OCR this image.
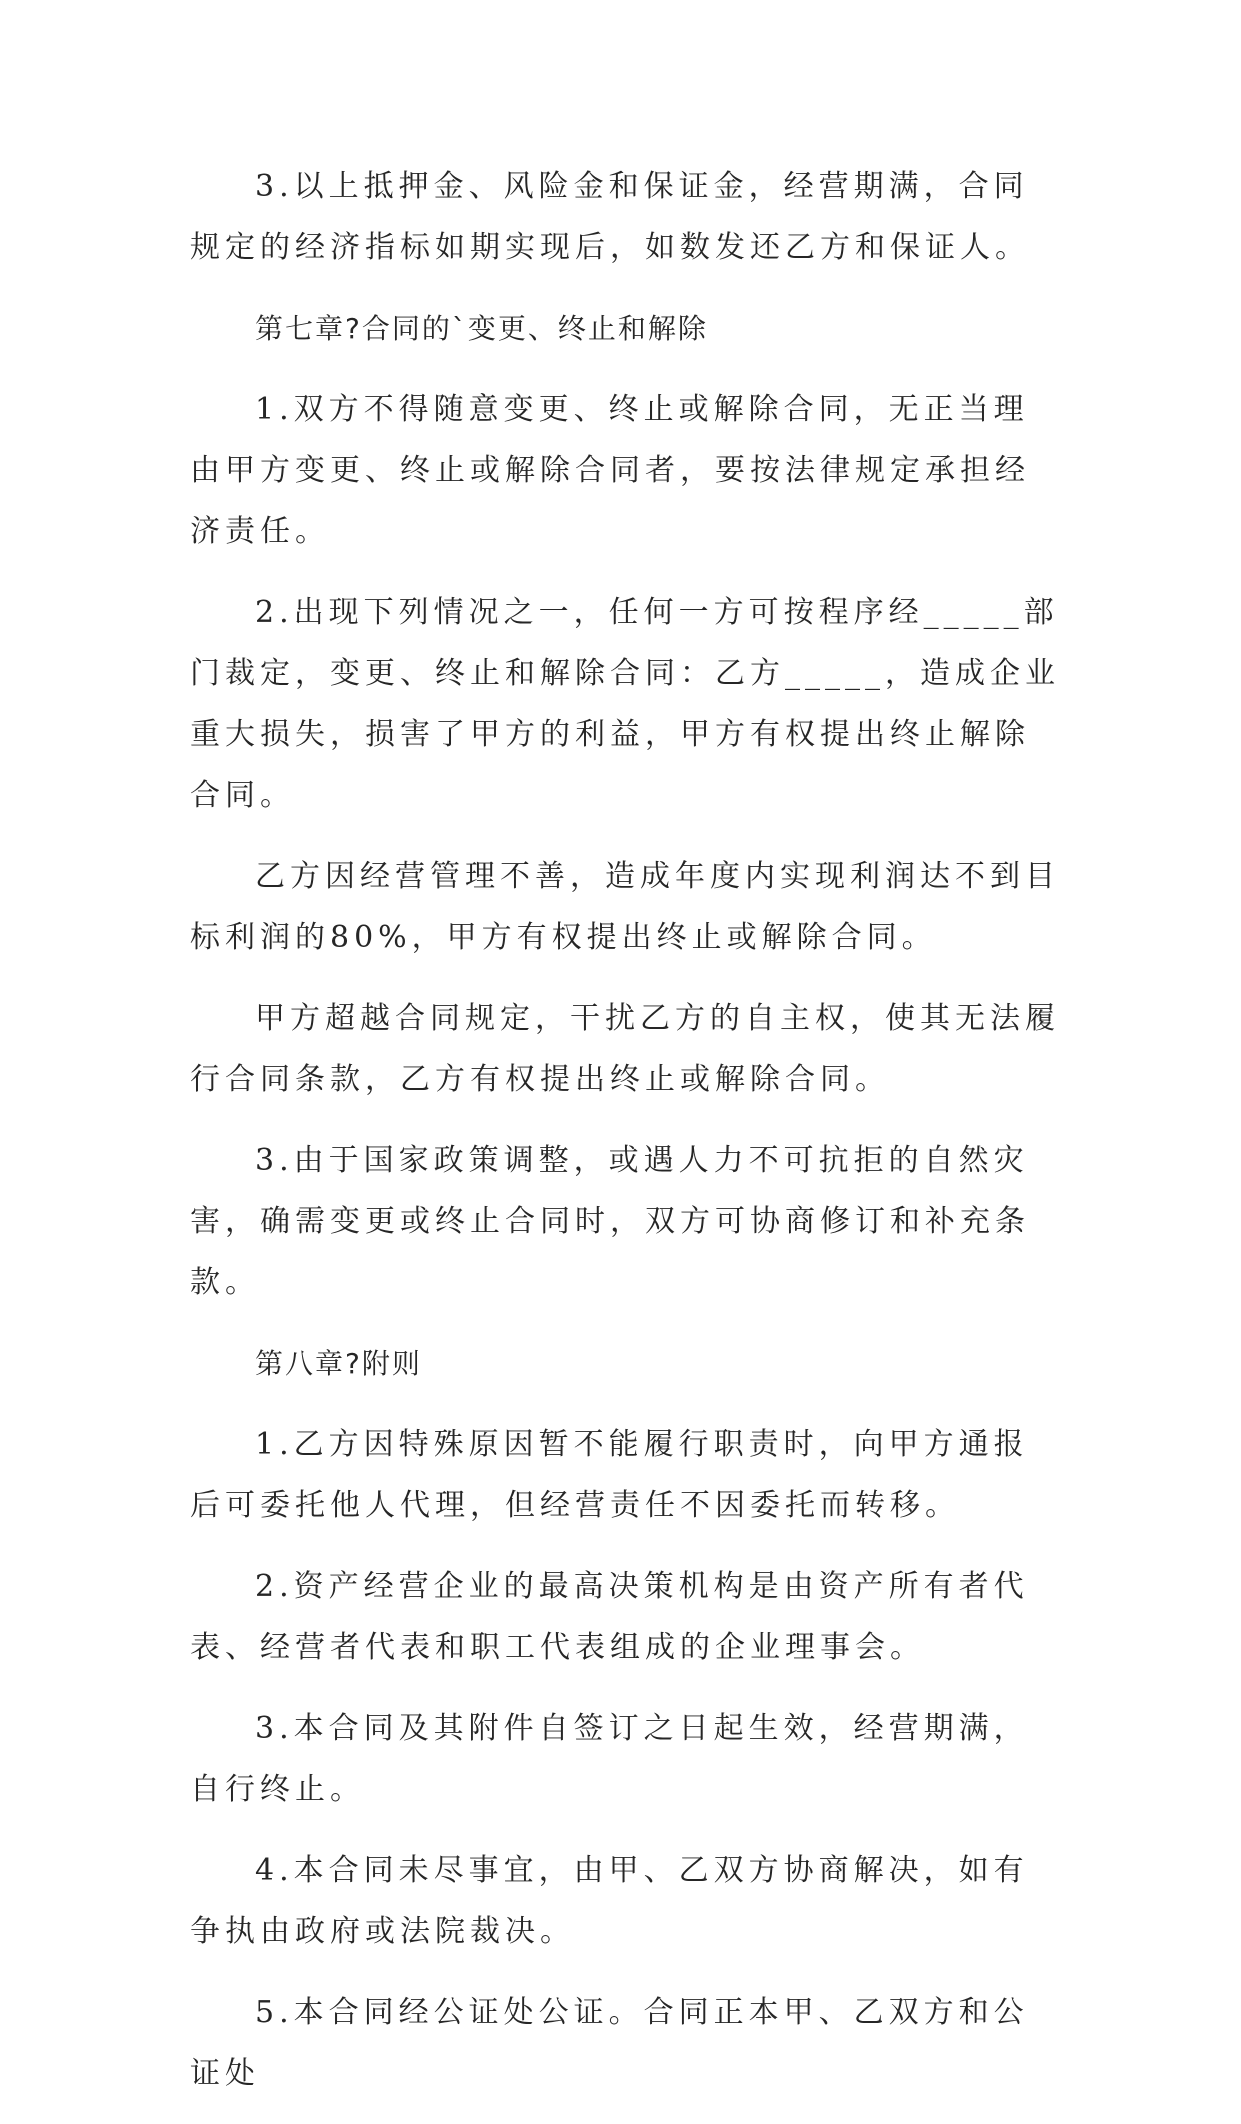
3.以上抵押金、风险金和保证金，经营期满，合同规定的经济指标如期实现后，如数发还乙方和保证人。

第七章?合同的`变更、终止和解除

1.双方不得随意变更、终止或解除合同，无正当理由甲方变更、终止或解除合同者，要按法律规定承担经济责任。

2.出现下列情况之一，任何一方可按程序经_____部门裁定，变更、终止和解除合同：乙方_____，造成企业重大损失，损害了甲方的利益，甲方有权提出终止解除合同。

乙方因经营管理不善，造成年度内实现利润达不到目标利润的80%，甲方有权提出终止或解除合同。

甲方超越合同规定，干扰乙方的自主权，使其无法履行合同条款，乙方有权提出终止或解除合同。

3.由于国家政策调整，或遇人力不可抗拒的自然灾害，确需变更或终止合同时，双方可协商修订和补充条款。

第八章?附则

1.乙方因特殊原因暂不能履行职责时，向甲方通报后可委托他人代理，但经营责任不因委托而转移。

2.资产经营企业的最高决策机构是由资产所有者代表、经营者代表和职工代表组成的企业理事会。

3.本合同及其附件自签订之日起生效，经营期满，自行终止。

4.本合同未尽事宜，由甲、乙双方协商解决，如有争执由政府或法院裁决。

5.本合同经公证处公证。合同正本甲、乙双方和公证处
